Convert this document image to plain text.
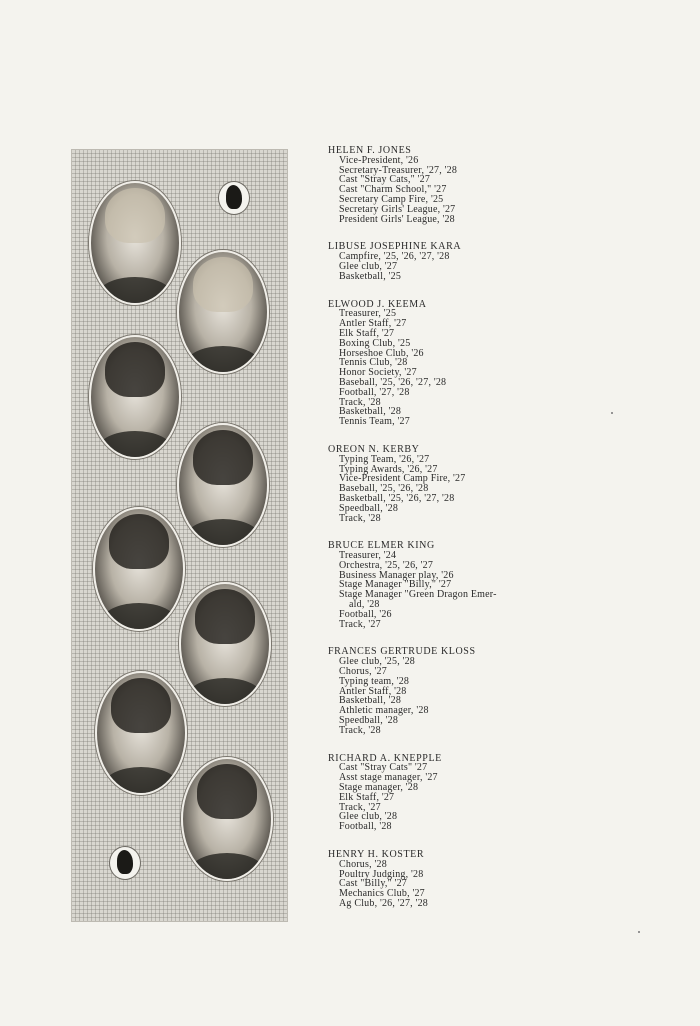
HELEN F. JONES
Vice-President, '26
Secretary-Treasurer, '27, '28
Cast "Stray Cats," '27
Cast "Charm School," '27
Secretary Camp Fire, '25
Secretary Girls' League, '27
President Girls' League, '28
LIBUSE JOSEPHINE KARA
Campfire, '25, '26, '27, '28
Glee club, '27
Basketball, '25
ELWOOD J. KEEMA
Treasurer, '25
Antler Staff, '27
Elk Staff, '27
Boxing Club, '25
Horseshoe Club, '26
Tennis Club, '28
Honor Society, '27
Baseball, '25, '26, '27, '28
Football, '27, '28
Track, '28
Basketball, '28
Tennis Team, '27
OREON N. KERBY
Typing Team, '26, '27
Typing Awards, '26, '27
Vice-President Camp Fire, '27
Baseball, '25, '26, '28
Basketball, '25, '26, '27, '28
Speedball, '28
Track, '28
BRUCE ELMER KING
Treasurer, '24
Orchestra, '25, '26, '27
Business Manager play, '26
Stage Manager "Billy," '27
Stage Manager "Green Dragon Emer-
ald, '28
Football, '26
Track, '27
FRANCES GERTRUDE KLOSS
Glee club, '25, '28
Chorus, '27
Typing team, '28
Antler Staff, '28
Basketball, '28
Athletic manager, '28
Speedball, '28
Track, '28
RICHARD A. KNEPPLE
Cast "Stray Cats" '27
Asst stage manager, '27
Stage manager, '28
Elk Staff, '27
Track, '27
Glee club, '28
Football, '28
HENRY H. KOSTER
Chorus, '28
Poultry Judging, '28
Cast "Billy," '27
Mechanics Club, '27
Ag Club, '26, '27, '28
